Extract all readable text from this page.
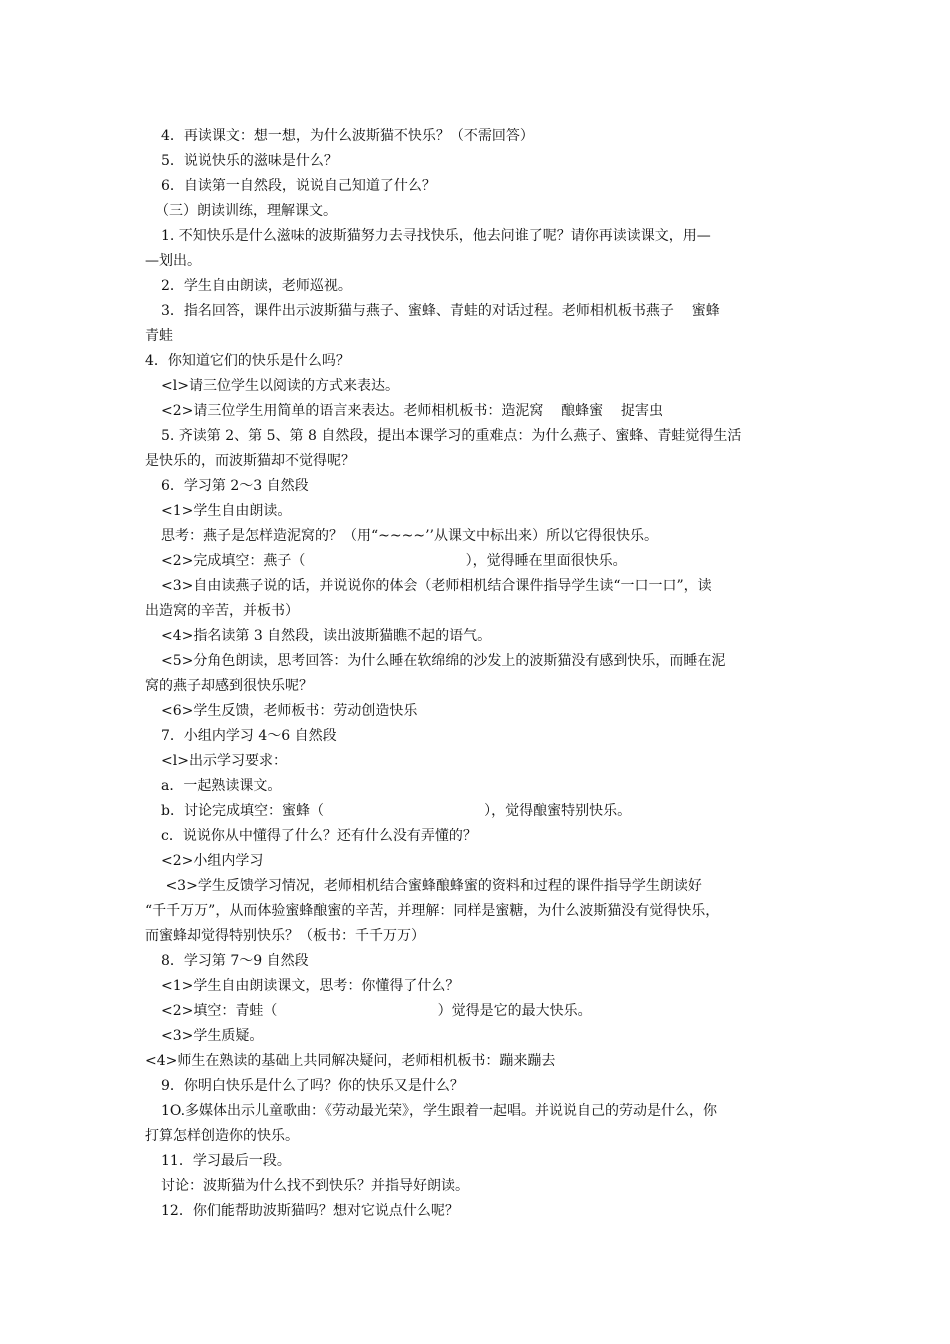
4．再读课文：想一想，为什么波斯猫不快乐？（不需回答）
5．说说快乐的滋味是什么？
6．自读第一自然段，说说自己知道了什么？
（三）朗读训练，理解课文。
1. 不知快乐是什么滋味的波斯猫努力去寻找快乐，他去问谁了呢？请你再读读课文，用—
—划出。
2．学生自由朗读，老师巡视。
3．指名回答，课件出示波斯猫与燕子、蜜蜂、青蛙的对话过程。老师相机板书燕子    蜜蜂
青蛙
4．你知道它们的快乐是什么吗？
<l>请三位学生以阅读的方式来表达。
<2>请三位学生用简单的语言来表达。老师相机板书：造泥窝    酿蜂蜜    捉害虫
5. 齐读第 2、第 5、第 8 自然段，提出本课学习的重难点：为什么燕子、蜜蜂、青蛙觉得生活
是快乐的，而波斯猫却不觉得呢？
6．学习第 2～3 自然段
<1>学生自由朗读。
思考：燕子是怎样造泥窝的？（用“~~~~’’从课文中标出来）所以它得很快乐。
<2>完成填空：燕子（                                    ），觉得睡在里面很快乐。
<3>自由读燕子说的话，并说说你的体会（老师相机结合课件指导学生读“一口一口”，读
出造窝的辛苦，并板书）
<4>指名读第 3 自然段，读出波斯猫瞧不起的语气。
<5>分角色朗读，思考回答：为什么睡在软绵绵的沙发上的波斯猫没有感到快乐，而睡在泥
窝的燕子却感到很快乐呢？
<6>学生反馈，老师板书：劳动创造快乐
7．小组内学习 4～6 自然段
<l>出示学习要求：
a．一起熟读课文。
b．讨论完成填空：蜜蜂（                                    ），觉得酿蜜特别快乐。
c．说说你从中懂得了什么？还有什么没有弄懂的？
<2>小组内学习
<3>学生反馈学习情况，老师相机结合蜜蜂酿蜂蜜的资料和过程的课件指导学生朗读好
“千千万万”，从而体验蜜蜂酿蜜的辛苦，并理解：同样是蜜糖，为什么波斯猫没有觉得快乐，
而蜜蜂却觉得特别快乐？（板书：千千万万）
8．学习第 7～9 自然段
<1>学生自由朗读课文，思考：你懂得了什么？
<2>填空：青蛙（                                    ）觉得是它的最大快乐。
<3>学生质疑。
<4>师生在熟读的基础上共同解决疑问，老师相机板书：蹦来蹦去
9．你明白快乐是什么了吗？你的快乐又是什么？
1O.多媒体出示儿童歌曲：《劳动最光荣》，学生跟着一起唱。并说说自己的劳动是什么，你
打算怎样创造你的快乐。
11．学习最后一段。
讨论：波斯猫为什么找不到快乐？并指导好朗读。
12．你们能帮助波斯猫吗？想对它说点什么呢？
